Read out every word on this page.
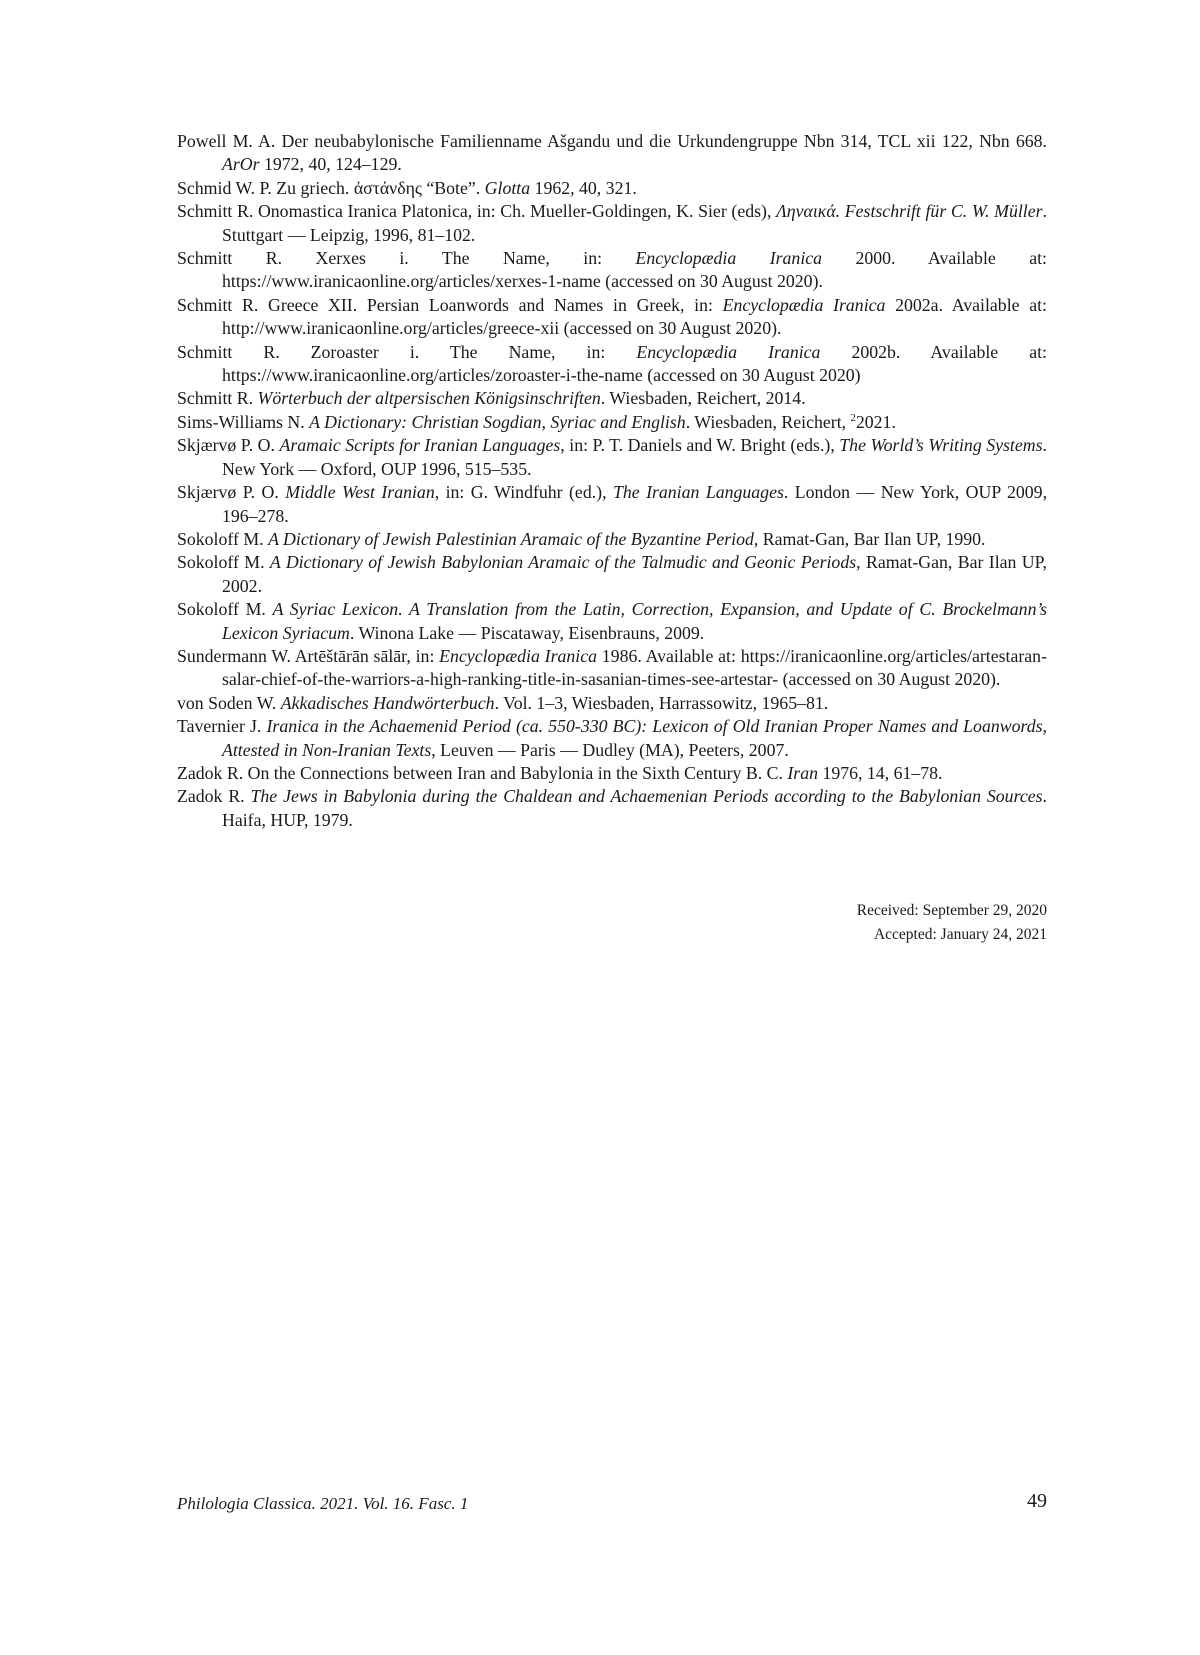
Powell M. A. Der neubabylonische Familienname Ašgandu und die Urkundengruppe Nbn 314, TCL xii 122, Nbn 668. ArOr 1972, 40, 124–129.

Schmid W. P. Zu griech. ἀστάνδης “Bote”. Glotta 1962, 40, 321.

Schmitt R. Onomastica Iranica Platonica, in: Ch. Mueller-Goldingen, K. Sier (eds), Ληναικά. Festschrift für C. W. Müller. Stuttgart — Leipzig, 1996, 81–102.

Schmitt R. Xerxes i. The Name, in: Encyclopædia Iranica 2000. Available at: https://www.iranicaonline.org/articles/xerxes-1-name (accessed on 30 August 2020).

Schmitt R. Greece XII. Persian Loanwords and Names in Greek, in: Encyclopædia Iranica 2002a. Available at: http://www.iranicaonline.org/articles/greece-xii (accessed on 30 August 2020).

Schmitt R. Zoroaster i. The Name, in: Encyclopædia Iranica 2002b. Available at: https://www.iranicaonline.org/articles/zoroaster-i-the-name (accessed on 30 August 2020)

Schmitt R. Wörterbuch der altpersischen Königsinschriften. Wiesbaden, Reichert, 2014.

Sims-Williams N. A Dictionary: Christian Sogdian, Syriac and English. Wiesbaden, Reichert, $^2$2021.

Skjærvø P. O. Aramaic Scripts for Iranian Languages, in: P. T. Daniels and W. Bright (eds.), The World’s Writing Systems. New York — Oxford, OUP 1996, 515–535.

Skjærvø P. O. Middle West Iranian, in: G. Windfuhr (ed.), The Iranian Languages. London — New York, OUP 2009, 196–278.

Sokoloff M. A Dictionary of Jewish Palestinian Aramaic of the Byzantine Period, Ramat-Gan, Bar Ilan UP, 1990.

Sokoloff M. A Dictionary of Jewish Babylonian Aramaic of the Talmudic and Geonic Periods, Ramat-Gan, Bar Ilan UP, 2002.

Sokoloff M. A Syriac Lexicon. A Translation from the Latin, Correction, Expansion, and Update of C. Brockelmann’s Lexicon Syriacum. Winona Lake — Piscataway, Eisenbrauns, 2009.

Sundermann W. Artēštārān sālār, in: Encyclopædia Iranica 1986. Available at: https://iranicaonline.org/articles/artestaran-salar-chief-of-the-warriors-a-high-ranking-title-in-sasanian-times-see-artestar- (accessed on 30 August 2020).

von Soden W. Akkadisches Handwörterbuch. Vol. 1–3, Wiesbaden, Harrassowitz, 1965–81.

Tavernier J. Iranica in the Achaemenid Period (ca. 550-330 BC): Lexicon of Old Iranian Proper Names and Loanwords, Attested in Non-Iranian Texts, Leuven — Paris — Dudley (MA), Peeters, 2007.

Zadok R. On the Connections between Iran and Babylonia in the Sixth Century B. C. Iran 1976, 14, 61–78.

Zadok R. The Jews in Babylonia during the Chaldean and Achaemenian Periods according to the Babylonian Sources. Haifa, HUP, 1979.

Received: September 29, 2020
Accepted: January 24, 2021
Philologia Classica. 2021. Vol. 16. Fasc. 1	49
